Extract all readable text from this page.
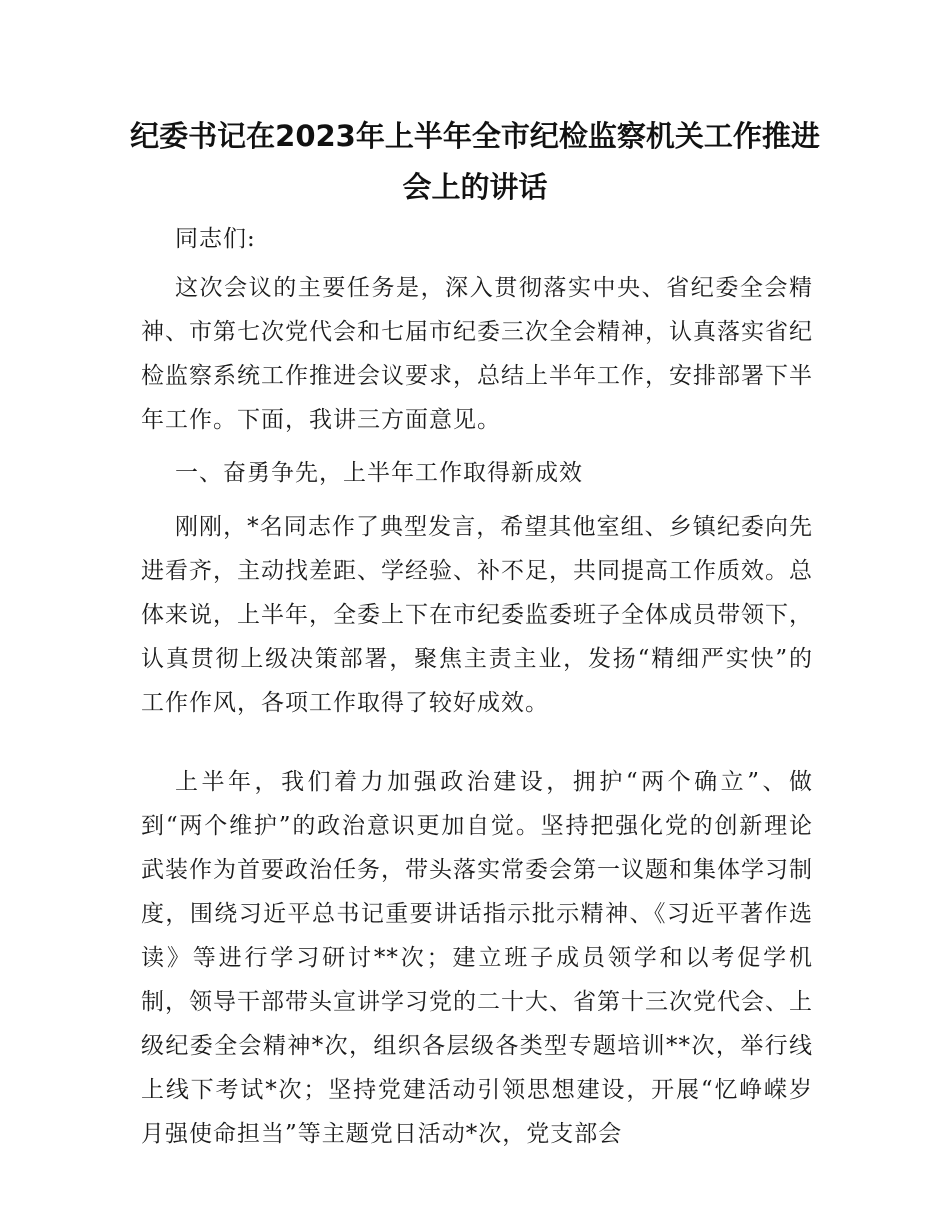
纪委书记在2023年上半年全市纪检监察机关工作推进会上的讲话

同志们:

这次会议的主要任务是，深入贯彻落实中央、省纪委全会精神、市第七次党代会和七届市纪委三次全会精神，认真落实省纪检监察系统工作推进会议要求，总结上半年工作，安排部署下半年工作。下面，我讲三方面意见。

一、奋勇争先，上半年工作取得新成效

刚刚，*名同志作了典型发言，希望其他室组、乡镇纪委向先进看齐，主动找差距、学经验、补不足，共同提高工作质效。总体来说，上半年，全委上下在市纪委监委班子全体成员带领下，认真贯彻上级决策部署，聚焦主责主业，发扬“精细严实快”的工作作风，各项工作取得了较好成效。

上半年，我们着力加强政治建设，拥护“两个确立”、做到“两个维护”的政治意识更加自觉。坚持把强化党的创新理论武装作为首要政治任务，带头落实常委会第一议题和集体学习制度，围绕习近平总书记重要讲话指示批示精神、《习近平著作选读》等进行学习研讨**次；建立班子成员领学和以考促学机制，领导干部带头宣讲学习党的二十大、省第十三次党代会、上级纪委全会精神*次，组织各层级各类型专题培训**次，举行线上线下考试*次；坚持党建活动引领思想建设，开展“忆峥嵘岁月强使命担当”等主题党日活动*次，党支部会
